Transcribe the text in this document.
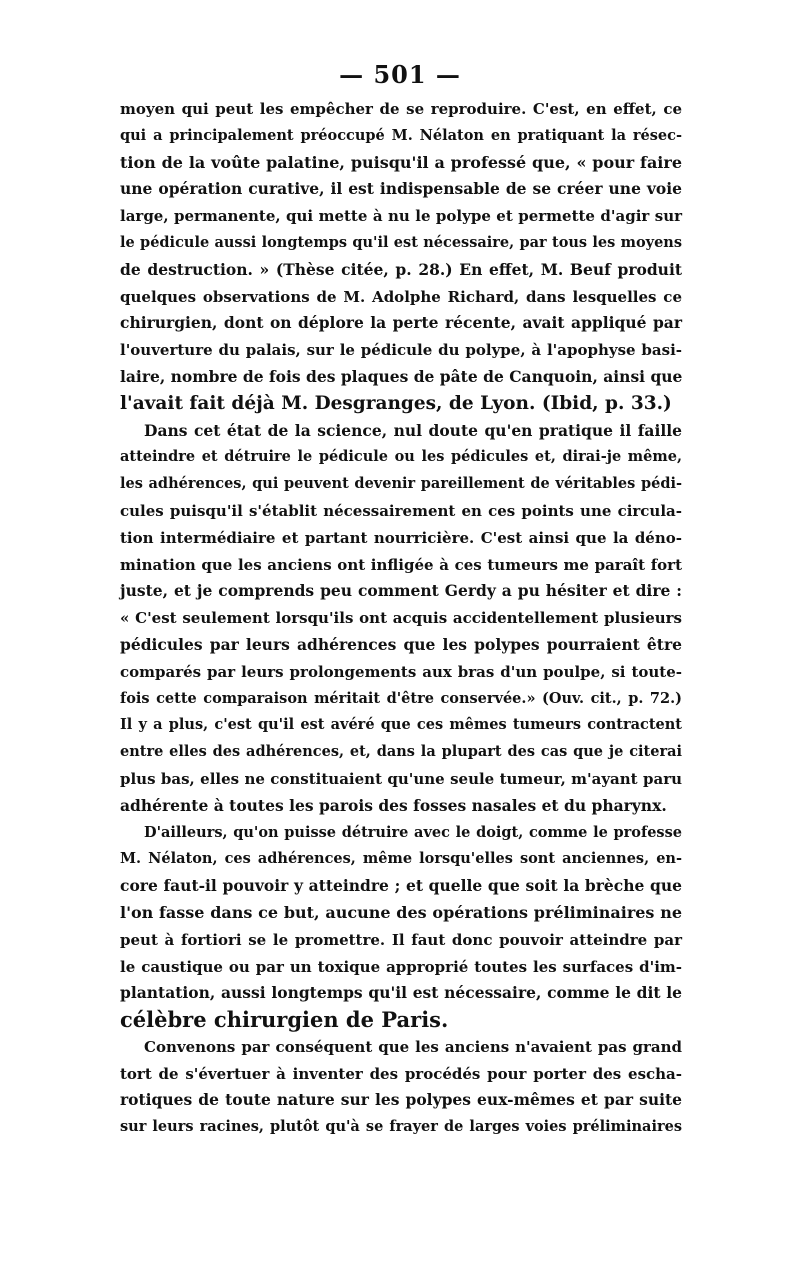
— 501 —

moyen qui peut les empêcher de se reproduire. C'est, en effet, ce
qui a principalement préoccupé M. Nélaton en pratiquant la résec-
tion de la voûte palatine, puisqu'il a professé que, « pour faire
une opération curative, il est indispensable de se créer une voie
large, permanente, qui mette à nu le polype et permette d'agir sur
le pédicule aussi longtemps qu'il est nécessaire, par tous les moyens
de destruction. » (Thèse citée, p. 28.) En effet, M. Beuf produit
quelques observations de M. Adolphe Richard, dans lesquelles ce
chirurgien, dont on déplore la perte récente, avait appliqué par
l'ouverture du palais, sur le pédicule du polype, à l'apophyse basi-
laire, nombre de fois des plaques de pâte de Canquoin, ainsi que
l'avait fait déjà M. Desgranges, de Lyon. (Ibid, p. 33.)

Dans cet état de la science, nul doute qu'en pratique il faille
atteindre et détruire le pédicule ou les pédicules et, dirai-je même,
les adhérences, qui peuvent devenir pareillement de véritables pédi-
cules puisqu'il s'établit nécessairement en ces points une circula-
tion intermédiaire et partant nourricière. C'est ainsi que la déno-
mination que les anciens ont infligée à ces tumeurs me paraît fort
juste, et je comprends peu comment Gerdy a pu hésiter et dire :
« C'est seulement lorsqu'ils ont acquis accidentellement plusieurs
pédicules par leurs adhérences que les polypes pourraient être
comparés par leurs prolongements aux bras d'un poulpe, si toute-
fois cette comparaison méritait d'être conservée.» (Ouv. cit., p. 72.)
Il y a plus, c'est qu'il est avéré que ces mêmes tumeurs contractent
entre elles des adhérences, et, dans la plupart des cas que je citerai
plus bas, elles ne constituaient qu'une seule tumeur, m'ayant paru
adhérente à toutes les parois des fosses nasales et du pharynx.

D'ailleurs, qu'on puisse détruire avec le doigt, comme le professe
M. Nélaton, ces adhérences, même lorsqu'elles sont anciennes, en-
core faut-il pouvoir y atteindre ; et quelle que soit la brèche que
l'on fasse dans ce but, aucune des opérations préliminaires ne
peut à fortiori se le promettre. Il faut donc pouvoir atteindre par
le caustique ou par un toxique approprié toutes les surfaces d'im-
plantation, aussi longtemps qu'il est nécessaire, comme le dit le
célèbre chirurgien de Paris.

Convenons par conséquent que les anciens n'avaient pas grand
tort de s'évertuer à inventer des procédés pour porter des escha-
rotiques de toute nature sur les polypes eux-mêmes et par suite
sur leurs racines, plutôt qu'à se frayer de larges voies préliminaires
